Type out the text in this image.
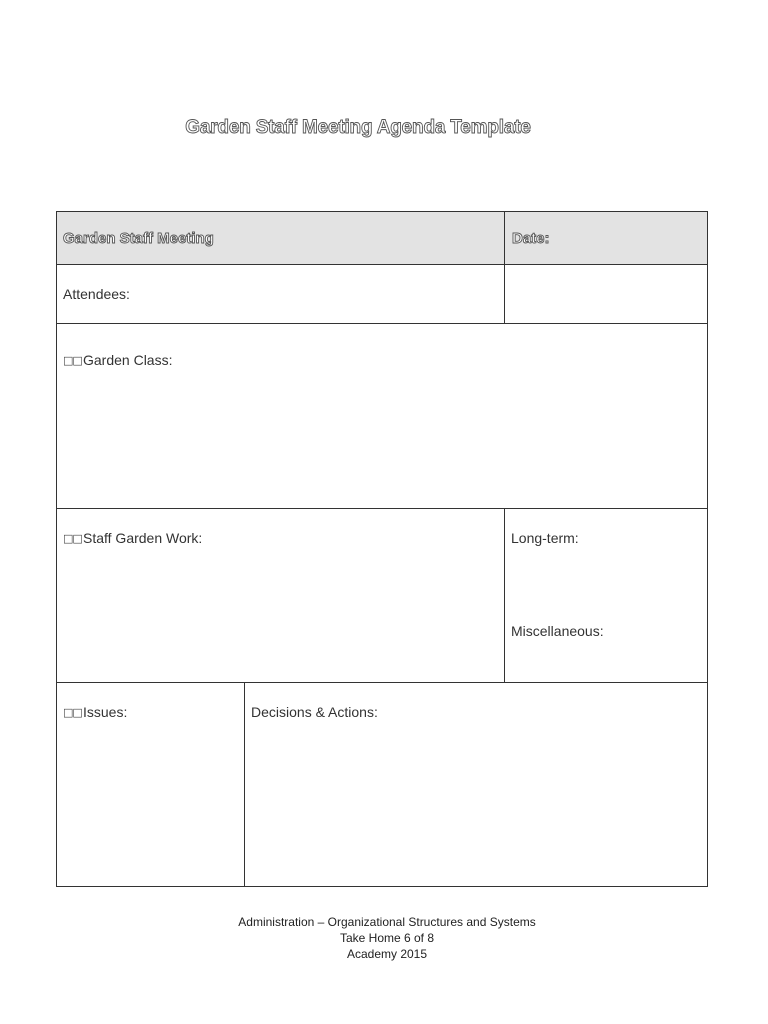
Garden Staff Meeting Agenda Template
Garden Staff Meeting	Date:
Attendees:
□□Garden Class:
□□Staff Garden Work:	Long-term:
Miscellaneous:
□□Issues:	Decisions & Actions:
Administration – Organizational Structures and Systems
Take Home 6 of 8
Academy 2015
